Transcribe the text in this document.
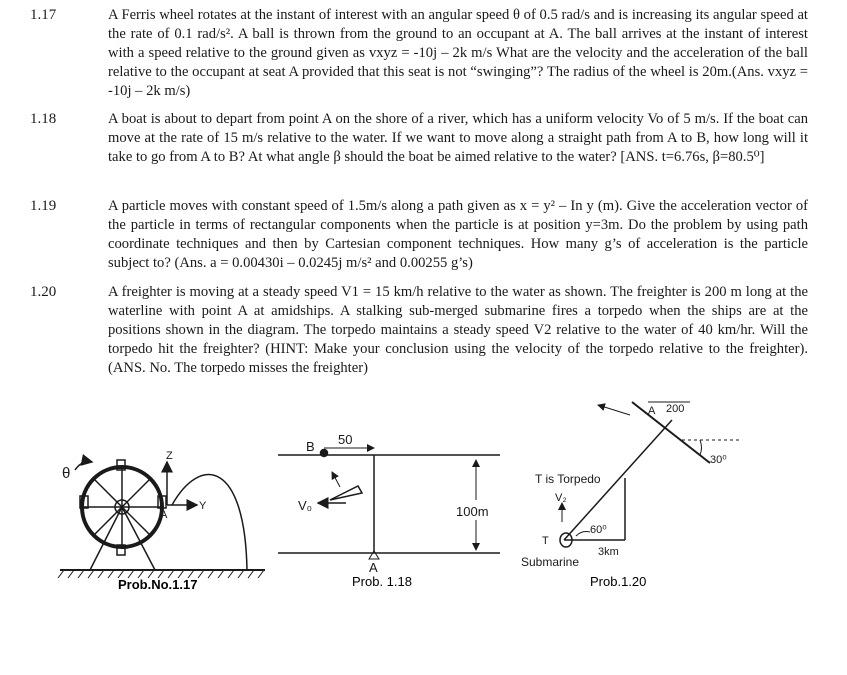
1.17	A Ferris wheel rotates at the instant of interest with an angular speed θ of 0.5 rad/s and is increasing its angular speed at the rate of 0.1 rad/s². A ball is thrown from the ground to an occupant at A. The ball arrives at the instant of interest with a speed relative to the ground given as vxyz = -10j – 2k m/s What are the velocity and the acceleration of the ball relative to the occupant at seat A provided that this seat is not “swinging”? The radius of the wheel is 20m.(Ans. vxyz = -10j – 2k m/s)

1.18	A boat is about to depart from point A on the shore of a river, which has a uniform velocity Vo of 5 m/s. If the boat can move at the rate of 15 m/s relative to the water. If we want to move along a straight path from A to B, how long will it take to go from A to B? At what angle β should the boat be aimed relative to the water? [ANS. t=6.76s, β=80.5⁰]

1.19	A particle moves with constant speed of 1.5m/s along a path given as x = y² – In y (m). Give the acceleration vector of the particle in terms of rectangular components when the particle is at position y=3m. Do the problem by using path coordinate techniques and then by Cartesian component techniques. How many g’s of acceleration is the particle subject to? (Ans. a = 0.00430i – 0.0245j m/s² and 0.00255 g’s)

1.20	A freighter is moving at a steady speed V1 = 15 km/h relative to the water as shown. The freighter is 200 m long at the waterline with point A at amidships. A stalking sub-merged submarine fires a torpedo when the ships are at the positions shown in the diagram. The torpedo maintains a steady speed V2 relative to the water of 40 km/hr. Will the torpedo hit the freighter? (HINT: Make your conclusion using the velocity of the torpedo relative to the freighter). (ANS. No. The torpedo misses the freighter)

θ
Z
Y
A
Prob.No.1.17
B 50
V₀	100m
A
Prob. 1.18
A 200
30⁰
T is Torpedo
V₂
T
60⁰
3km
Submarine
Prob.1.20
